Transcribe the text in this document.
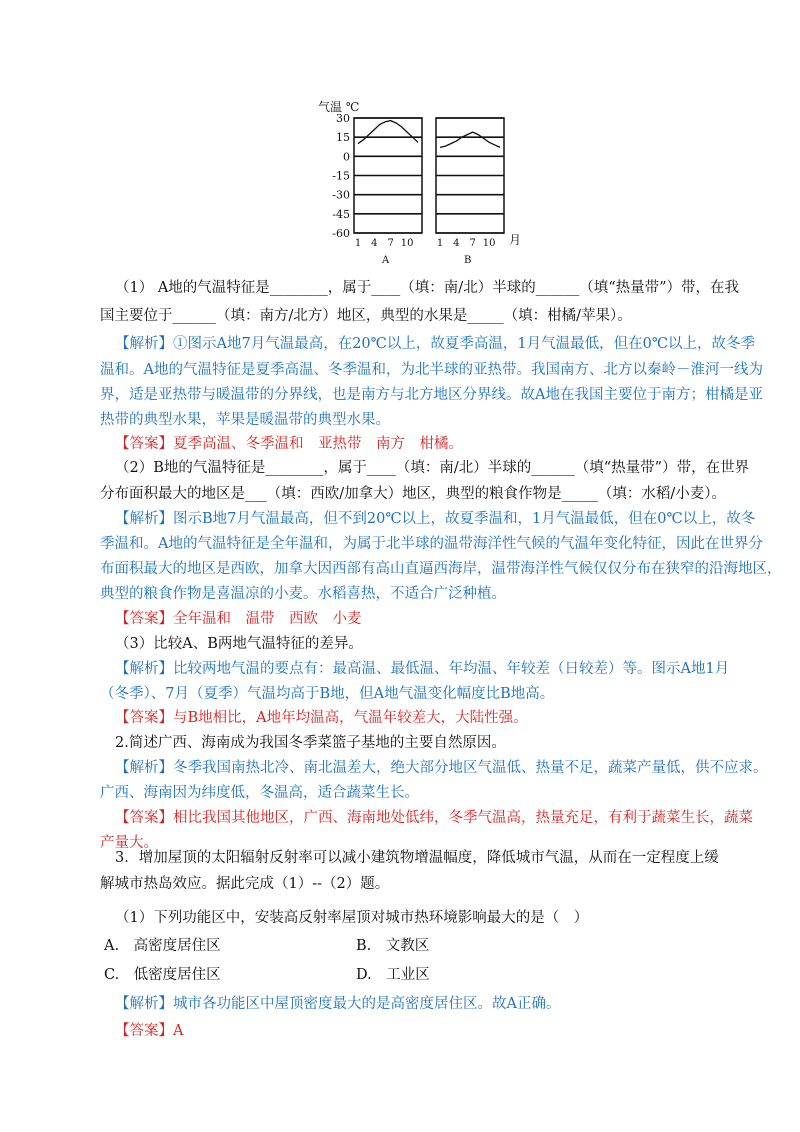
气温 ℃
30
15
0
-15
-30
-45
-60
1 4 7 10 1 4 7 10 月
A	B
（1） A地的气温特征是________，属于____（填：南/北）半球的______（填“热量带”）带，在我
国主要位于______（填：南方/北方）地区，典型的水果是_____（填：柑橘/苹果）。
【解析】①图示A地7月气温最高，在20℃以上，故夏季高温，1月气温最低，但在0℃以上，故冬季
温和。A地的气温特征是夏季高温、冬季温和，为北半球的亚热带。我国南方、北方以秦岭－淮河一线为
界，适是亚热带与暖温带的分界线，也是南方与北方地区分界线。故A地在我国主要位于南方；柑橘是亚
热带的典型水果，苹果是暖温带的典型水果。
【答案】夏季高温、冬季温和　亚热带　南方　柑橘。
（2）B地的气温特征是________，属于____（填：南/北）半球的______（填“热量带”）带，在世界
分布面积最大的地区是___（填：西欧/加拿大）地区，典型的粮食作物是_____（填：水稻/小麦）。
【解析】图示B地7月气温最高，但不到20℃以上，故夏季温和，1月气温最低，但在0℃以上，故冬
季温和。A地的气温特征是全年温和，为属于北半球的温带海洋性气候的气温年变化特征，因此在世界分
布面积最大的地区是西欧，加拿大因西部有高山直逼西海岸，温带海洋性气候仅仅分布在狭窄的沿海地区，
典型的粮食作物是喜温凉的小麦。水稻喜热，不适合广泛种植。
【答案】全年温和　温带　西欧　小麦
（3）比较A、B两地气温特征的差异。
【解析】比较两地气温的要点有：最高温、最低温、年均温、年较差（日较差）等。图示A地1月
（冬季）、7月（夏季）气温均高于B地，但A地气温变化幅度比B地高。
【答案】与B地相比，A地年均温高，气温年较差大，大陆性强。
2.简述广西、海南成为我国冬季菜篮子基地的主要自然原因。
【解析】冬季我国南热北冷、南北温差大，绝大部分地区气温低、热量不足，蔬菜产量低，供不应求。
广西、海南因为纬度低，冬温高，适合蔬菜生长。
【答案】相比我国其他地区，广西、海南地处低纬，冬季气温高，热量充足，有利于蔬菜生长，蔬菜
产量大。
3．增加屋顶的太阳辐射反射率可以减小建筑物增温幅度，降低城市气温，从而在一定程度上缓
解城市热岛效应。据此完成（1）--（2）题。
（1）下列功能区中，安装高反射率屋顶对城市热环境影响最大的是（　）
【解析】城市各功能区中屋顶密度最大的是高密度居住区。故A正确。
【答案】A
A.　高密度居住区	B.　文教区
C.　低密度居住区	D.　工业区
